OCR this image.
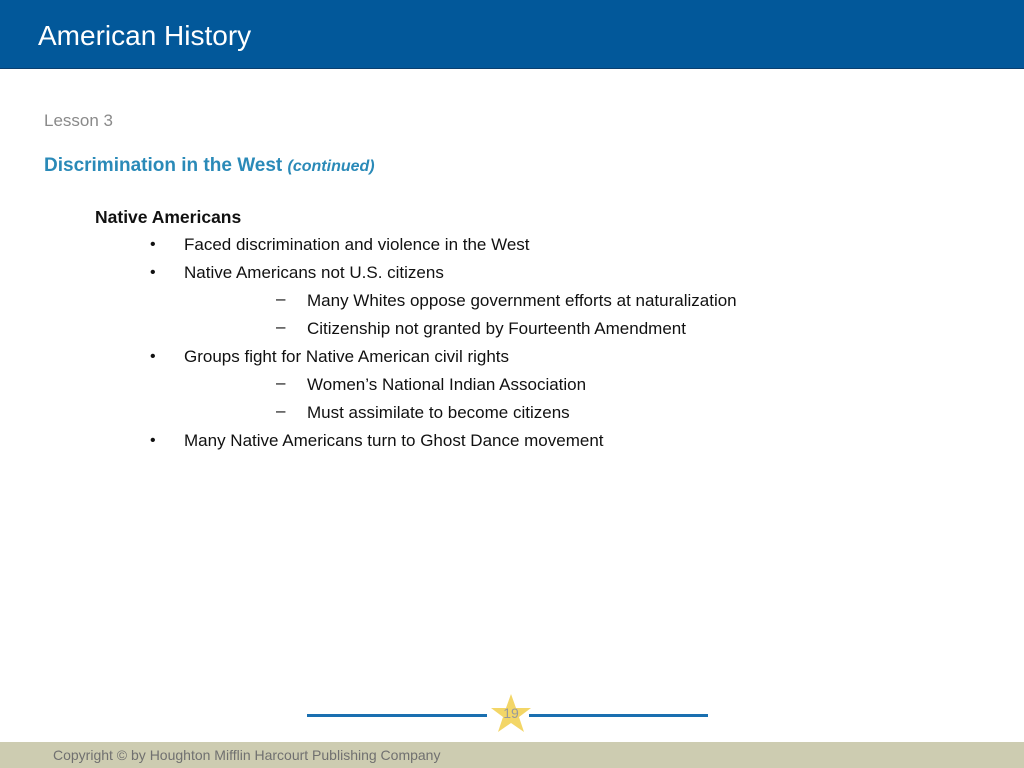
American History
Lesson 3
Discrimination in the West (continued)
Native Americans
• Faced discrimination and violence in the West
• Native Americans not U.S. citizens
– Many Whites oppose government efforts at naturalization
– Citizenship not granted by Fourteenth Amendment
• Groups fight for Native American civil rights
– Women’s National Indian Association
– Must assimilate to become citizens
• Many Native Americans turn to Ghost Dance movement
19
Copyright © by Houghton Mifflin Harcourt Publishing Company
